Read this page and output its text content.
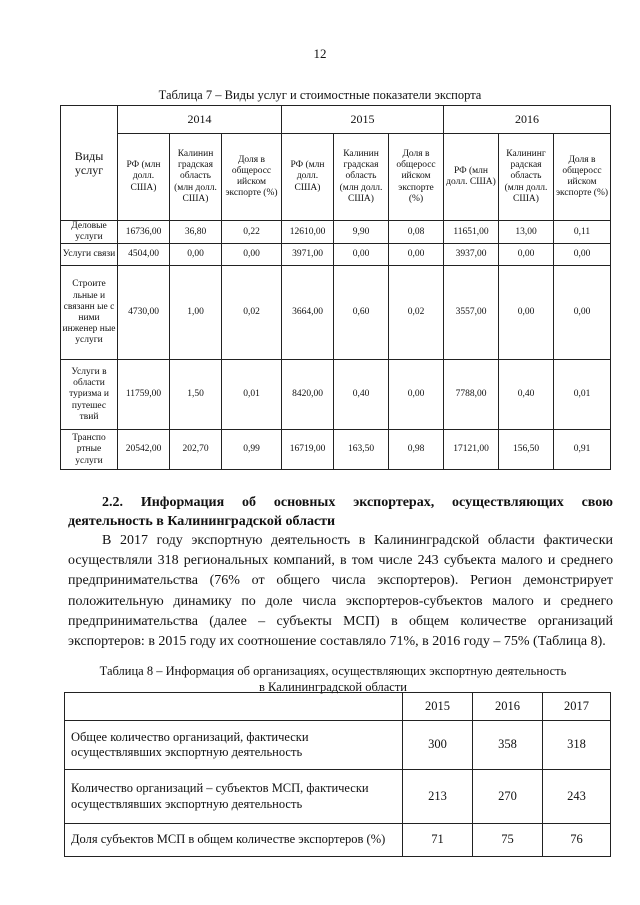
12
Таблица 7 – Виды услуг и стоимостные показатели экспорта
Виды услуг	2014			2015			2016		
	РФ (млн долл. США)	Калинин градская область (млн долл. США)	Доля в общеросс ийском экспорте (%)	РФ (млн долл. США)	Калинин градская область (млн долл. США)	Доля в общеросс ийском экспорте (%)	РФ (млн долл. США)	Калининг радская область (млн долл. США)	Доля в общеросс ийском экспорте (%)
Деловые услуги	16736,00	36,80	0,22	12610,00	9,90	0,08	11651,00	13,00	0,11
Услуги связи	4504,00	0,00	0,00	3971,00	0,00	0,00	3937,00	0,00	0,00
Строите льные и связанн ые с ними инженер ные услуги	4730,00	1,00	0,02	3664,00	0,60	0,02	3557,00	0,00	0,00
Услуги в области туризма и путешес твий	11759,00	1,50	0,01	8420,00	0,40	0,00	7788,00	0,40	0,01
Транспо ртные услуги	20542,00	202,70	0,99	16719,00	163,50	0,98	17121,00	156,50	0,91
2.2. Информация об основных экспортерах, осуществляющих свою
деятельность в Калининградской области

В 2017 году экспортную деятельность в Калининградской области фактически осуществляли 318 региональных компаний, в том числе 243 субъекта малого и среднего предпринимательства (76% от общего числа экспортеров). Регион демонстрирует положительную динамику по доле числа экспортеров-субъектов малого и среднего предпринимательства (далее – субъекты МСП) в общем количестве организаций экспортеров: в 2015 году их соотношение составляло 71%, в 2016 году – 75% (Таблица 8).

Таблица 8 – Информация об организациях, осуществляющих экспортную деятельность
в Калининградской области
	2015	2016	2017
Общее количество организаций, фактически осуществлявших экспортную деятельность	300	358	318
Количество организаций – субъектов МСП, фактически осуществлявших экспортную деятельность	213	270	243
Доля субъектов МСП в общем количестве экспортеров (%)	71	75	76
